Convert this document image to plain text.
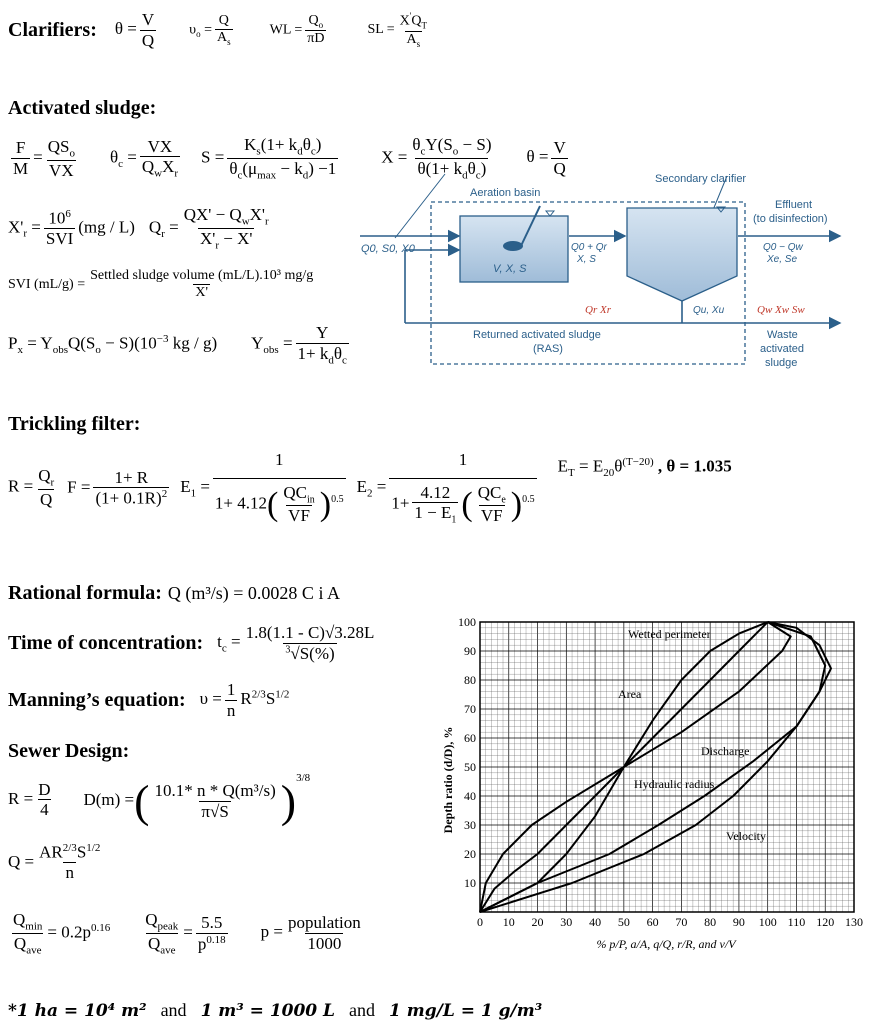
Clarifiers: $\theta = \frac{V}{Q} \upsilon_o = \frac{Q}{A_s}$	WL = $\frac{Q_o}{\pi D}$	SL = $\frac{X'Q_T}{A_s}$
Activated sludge:
$\frac{F}{M} = \frac{QS_o}{VX} \theta_c = \frac{VX}{Q_wX_r}$ $S = \frac{K_s(1+ k_d\theta_c)}{\theta_c(\mu_{max} - k_d) -1}$	$X = \frac{\theta_cY(S_o - S)}{\theta(1+ k_d\theta_c)}$ $\theta = \frac{V}{Q}$
$X'_r = \frac{10^6}{\text{SVI}} (mg / L) Q_r = \frac{QX' - Q_wX'_r}{X'_r - X'}$
SVI $(mL/g) = \frac{\text{Settled sludge volume (mL/L).10³ mg/g}}{X'}$
$P_x = Y_{obs}Q(S_o - S)(10^{-3}$ kg / g) $Y_{obs} = \frac{Y}{1+ k_d\theta_c}$
Aeration basin
Secondary clarifier
Q0, S0, X0
V, X, S
Q0 + Qr
X, S
Effluent
(to disinfection)
Q0 − Qw
Xe, Se
Qr Xr	Qu, Xu	Qw Xw Sw
Returned activated sludge
(RAS)
Waste
activated
sludge
Trickling filter:
$R = \frac{Q_r}{Q}$ $F = \frac{1+ R}{(1+ 0.1R)^2} E_1 = \frac{1}{1+ 4.12( \frac{QC_{in}}{VF} )^{0.5}} E_2 = \frac{1}{1+ \frac{4.12}{1 - E_1} ( \frac{QC_e}{VF} )^{0.5}} E_T = E_{20}\theta^{(T-20)}$ , θ = 1.035
Rational formula: Q (m³/s) = 0.0028 C i A
Time of concentration: $t_c = \frac{1.8(1.1 - C)√3.28L}{^3√S(\%)}$
Manning’s equation: $\upsilon = \frac{1}{n} R^{2/3}S^{1/2}$
Sewer Design:
$R = \frac{D}{4} D(m)$ =( $\frac{\text{10.1* n * Q(m³/s)}}{\pi√S} )^{3/8}$
$Q = \frac{AR^{2/3}S^{1/2}}{n}$
$\frac{Q_{min}}{Q_{ave}} = 0.2p^{0.16} \frac{Q_{peak}}{Q_{ave}} = \frac{5.5}{p^{0.18}}$ $p = \frac{\text{population}}{1000}$	0 10 20 30 40 50 60 70 80 90 100 110 120 130
10
20
30
40
50
60
70
80
90
100
Depth ratio (d/D), %
% p/P, a/A, q/Q, r/R, and v/V
Wetted perimeter
Area
Discharge
Hydraulic radius
Velocity
*1 ha = 10⁴ m² and 1 m³ = 1000 L and 1 mg/L = 1 g/m³
